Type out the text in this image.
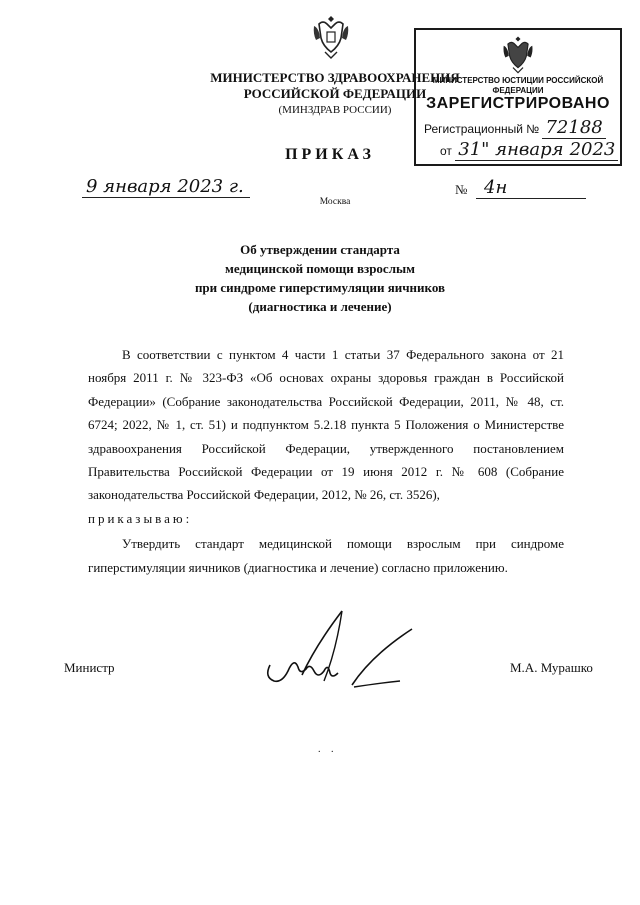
МИНИСТЕРСТВО ЗДРАВООХРАНЕНИЯ
РОССИЙСКОЙ ФЕДЕРАЦИИ
(МИНЗДРАВ РОССИИ)
МИНИСТЕРСТВО ЮСТИЦИИ РОССИЙСКОЙ ФЕДЕРАЦИИ
ЗАРЕГИСТРИРОВАНО
Регистрационный № 72188
от 31" января 2023
ПРИКАЗ
9 января 2023 г.	№ 4н
Москва
Об утверждении стандарта
медицинской помощи взрослым
при синдроме гиперстимуляции яичников
(диагностика и лечение)

В соответствии с пунктом 4 части 1 статьи 37 Федерального закона от 21 ноября 2011 г. № 323-ФЗ «Об основах охраны здоровья граждан в Российской Федерации» (Собрание законодательства Российской Федерации, 2011, № 48, ст. 6724; 2022, № 1, ст. 51) и подпунктом 5.2.18 пункта 5 Положения о Министерстве здравоохранения Российской Федерации, утвержденного постановлением Правительства Российской Федерации от 19 июня 2012 г. № 608 (Собрание законодательства Российской Федерации, 2012, № 26, ст. 3526),

приказываю:

Утвердить стандарт медицинской помощи взрослым при синдроме гиперстимуляции яичников (диагностика и лечение) согласно приложению.

Министр	М.А. Мурашко
. .
